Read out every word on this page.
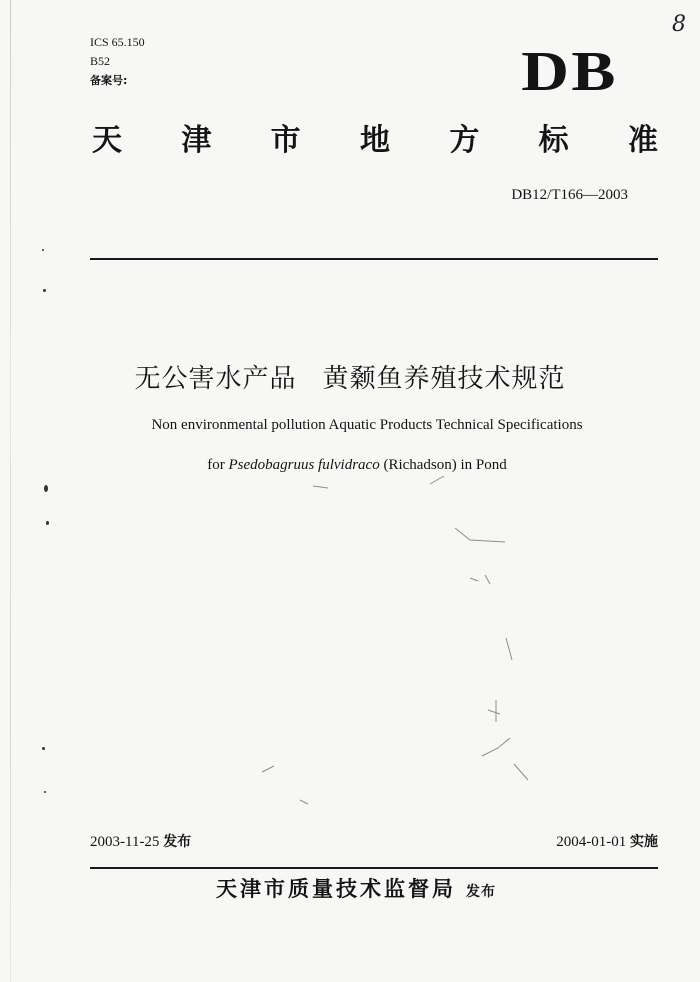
8
ICS 65.150
B52
备案号:	DB
天 津 市 地 方 标 准
DB12/T166—2003
无公害水产品 黄颡鱼养殖技术规范
Non environmental pollution Aquatic Products Technical Specifications
for Psedobagruus fulvidraco (Richadson) in Pond
2003-11-25 发布	2004-01-01 实施
天津市质量技术监督局 发布
